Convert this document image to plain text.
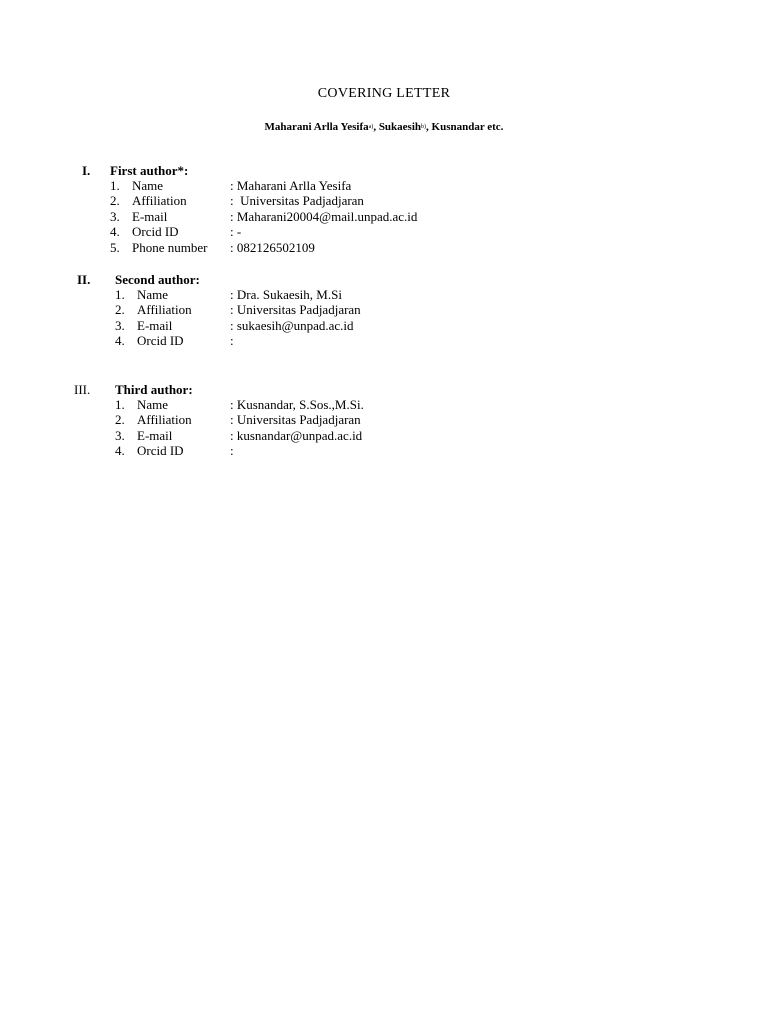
COVERING LETTER
Maharani Arlla Yesifa$^{a)}$, Sukaesih$^{b)}$, Kusnandar etc.
I. First author*:
1. Name	: Maharani Arlla Yesifa
2. Affiliation	:  Universitas Padjadjaran
3. E-mail	: Maharani20004@mail.unpad.ac.id
4. Orcid ID	: -
5. Phone number : 082126502109
II. Second author:
1. Name	: Dra. Sukaesih, M.Si
2. Affiliation	: Universitas Padjadjaran
3. E-mail	: sukaesih@unpad.ac.id
4. Orcid ID	:
III. Third author:
1. Name	: Kusnandar, S.Sos.,M.Si.
2. Affiliation	: Universitas Padjadjaran
3. E-mail	: kusnandar@unpad.ac.id
4. Orcid ID	:
